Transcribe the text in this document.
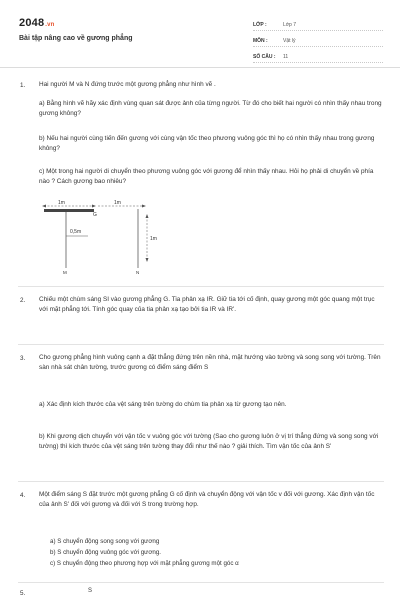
2048.vn
Bài tập nâng cao về gương phẳng
LỚP :	Lớp 7
MÔN :	Vật lý
SỐ CÂU :	11
1. Hai người M và N đứng trước một gương phẳng như hình vẽ .
a) Bằng hình vẽ hãy xác định vùng quan sát được ảnh của từng người. Từ đó cho biết hai người có nhìn thấy nhau trong gương không?
b) Nếu hai người cùng tiến đến gương với cùng vận tốc theo phương vuông góc thì họ có nhìn thấy nhau trong gương không?
c) Một trong hai người di chuyển theo phương vuông góc với gương để nhìn thấy nhau. Hỏi họ phải di chuyển về phía nào ? Cách gương bao nhiêu?
1m	1m
G
0,5m
M	N
1m
2. Chiếu một chùm sáng SI vào gương phẳng G. Tia phản xạ IR. Giữ tia tới cố định, quay gương một góc quang một trục với mặt phẳng tới. Tính góc quay của tia phản xạ tạo bởi tia IR và IR'.
3. Cho gương phẳng hình vuông cạnh a đặt thẳng đứng trên nền nhà, mặt hướng vào tường và song song với tường. Trên sàn nhà sát chân tường, trước gương có điểm sáng điểm S
a) Xác định kích thước của vệt sáng trên tường do chùm tia phản xạ từ gương tạo nên.
b) Khi gương dịch chuyển với vận tốc v vuông góc với tường (Sao cho gương luôn ở vị trí thẳng đứng và song song với tường) thì kích thước của vệt sáng trên tường thay đổi như thế nào ? giải thích. Tìm vận tốc của ảnh S'
4. Một điểm sáng S đặt trước một gương phẳng G cố định và chuyển động với vận tốc v đối với gương. Xác định vận tốc của ảnh S' đối với gương và đối với S trong trường hợp.
a) S chuyển động song song với gương
b) S chuyển động vuông góc với gương.
c) S chuyển động theo phương hợp với mặt phẳng gương một góc α
5.	S
